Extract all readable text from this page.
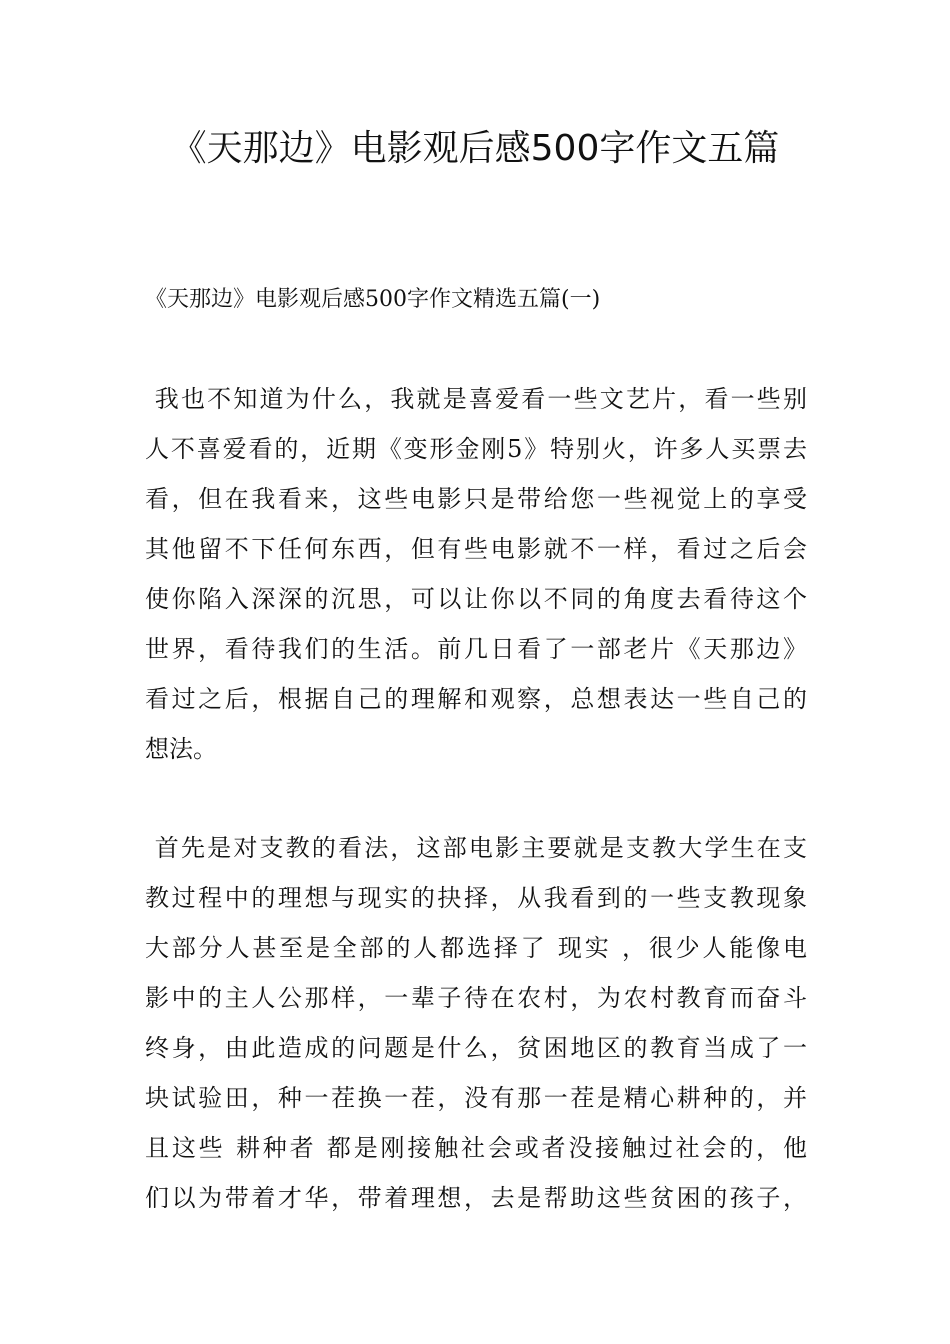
《天那边》电影观后感500字作文五篇

《天那边》电影观后感500字作文精选五篇(一)

我也不知道为什么，我就是喜爱看一些文艺片，看一些别

人不喜爱看的，近期《变形金刚5》特别火，许多人买票去

看，但在我看来，这些电影只是带给您一些视觉上的享受

其他留不下任何东西，但有些电影就不一样，看过之后会

使你陷入深深的沉思，可以让你以不同的角度去看待这个

世界，看待我们的生活。前几日看了一部老片《天那边》

看过之后，根据自己的理解和观察，总想表达一些自己的

想法。

首先是对支教的看法，这部电影主要就是支教大学生在支

教过程中的理想与现实的抉择，从我看到的一些支教现象

大部分人甚至是全部的人都选择了 现实 ，很少人能像电

影中的主人公那样，一辈子待在农村，为农村教育而奋斗

终身，由此造成的问题是什么，贫困地区的教育当成了一

块试验田，种一茬换一茬，没有那一茬是精心耕种的，并

且这些 耕种者 都是刚接触社会或者没接触过社会的，他

们以为带着才华，带着理想，去是帮助这些贫困的孩子，
